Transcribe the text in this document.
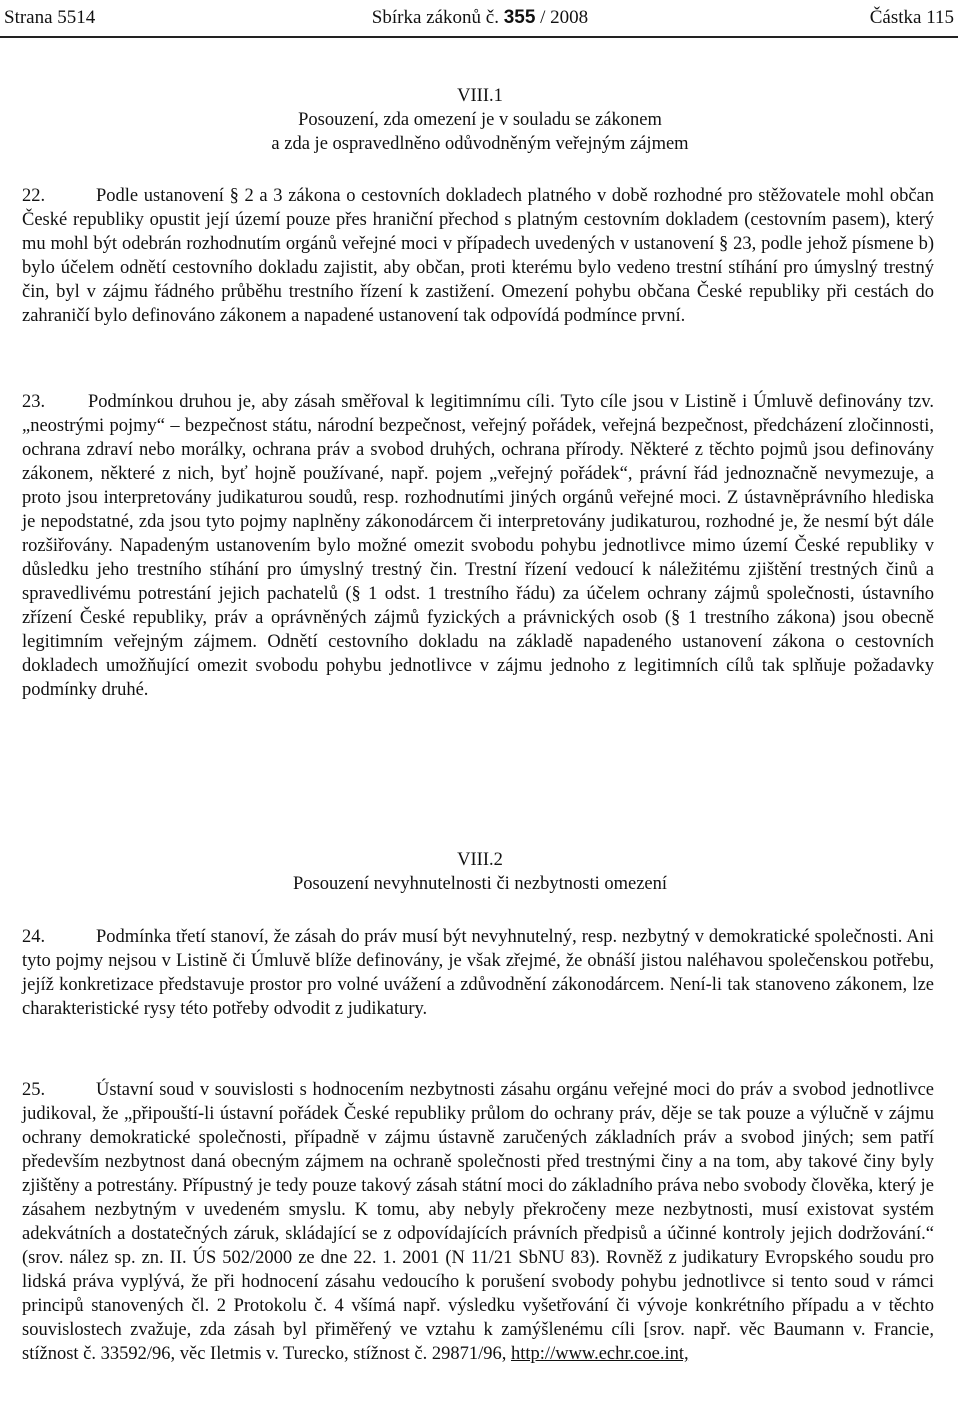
Strana 5514	Sbírka zákonů č. 355 / 2008	Částka 115
VIII.1
Posouzení, zda omezení je v souladu se zákonem
a zda je ospravedlněno odůvodněným veřejným zájmem
22.	Podle ustanovení § 2 a 3 zákona o cestovních dokladech platného v době rozhodné pro stěžovatele mohl občan České republiky opustit její území pouze přes hraniční přechod s platným cestovním dokladem (cestovním pasem), který mu mohl být odebrán rozhodnutím orgánů veřejné moci v případech uvedených v ustanovení § 23, podle jehož písmene b) bylo účelem odnětí cestovního dokladu zajistit, aby občan, proti kterému bylo vedeno trestní stíhání pro úmyslný trestný čin, byl v zájmu řádného průběhu trestního řízení k zastižení. Omezení pohybu občana České republiky při cestách do zahraničí bylo definováno zákonem a napadené ustanovení tak odpovídá podmínce první.
23. Podmínkou druhou je, aby zásah směřoval k legitimnímu cíli. Tyto cíle jsou v Listině i Úmluvě definovány tzv. „neostrými pojmy“ – bezpečnost státu, národní bezpečnost, veřejný pořádek, veřejná bezpečnost, předcházení zločinnosti, ochrana zdraví nebo morálky, ochrana práv a svobod druhých, ochrana přírody. Některé z těchto pojmů jsou definovány zákonem, některé z nich, byť hojně používané, např. pojem „veřejný pořádek“, právní řád jednoznačně nevymezuje, a proto jsou interpretovány judikaturou soudů, resp. rozhodnutími jiných orgánů veřejné moci. Z ústavněprávního hlediska je nepodstatné, zda jsou tyto pojmy naplněny zákonodárcem či interpretovány judikaturou, rozhodné je, že nesmí být dále rozšiřovány. Napadeným ustanovením bylo možné omezit svobodu pohybu jednotlivce mimo území České republiky v důsledku jeho trestního stíhání pro úmyslný trestný čin. Trestní řízení vedoucí k náležitému zjištění trestných činů a spravedlivému potrestání jejich pachatelů (§ 1 odst. 1 trestního řádu) za účelem ochrany zájmů společnosti, ústavního zřízení České republiky, práv a oprávněných zájmů fyzických a právnických osob (§ 1 trestního zákona) jsou obecně legitimním veřejným zájmem. Odnětí cestovního dokladu na základě napadeného ustanovení zákona o cestovních dokladech umožňující omezit svobodu pohybu jednotlivce v zájmu jednoho z legitimních cílů tak splňuje požadavky podmínky druhé.
VIII.2
Posouzení nevyhnutelnosti či nezbytnosti omezení
24.	Podmínka třetí stanoví, že zásah do práv musí být nevyhnutelný, resp. nezbytný v demokratické společnosti. Ani tyto pojmy nejsou v Listině či Úmluvě blíže definovány, je však zřejmé, že obnáší jistou naléhavou společenskou potřebu, jejíž konkretizace představuje prostor pro volné uvážení a zdůvodnění zákonodárcem. Není-li tak stanoveno zákonem, lze charakteristické rysy této potřeby odvodit z judikatury.
25.	Ústavní soud v souvislosti s hodnocením nezbytnosti zásahu orgánu veřejné moci do práv a svobod jednotlivce judikoval, že „připouští-li ústavní pořádek České republiky průlom do ochrany práv, děje se tak pouze a výlučně v zájmu ochrany demokratické společnosti, případně v zájmu ústavně zaručených základních práv a svobod jiných; sem patří především nezbytnost daná obecným zájmem na ochraně společnosti před trestnými činy a na tom, aby takové činy byly zjištěny a potrestány. Přípustný je tedy pouze takový zásah státní moci do základního práva nebo svobody člověka, který je zásahem nezbytným v uvedeném smyslu. K tomu, aby nebyly překročeny meze nezbytnosti, musí existovat systém adekvátních a dostatečných záruk, skládající se z odpovídajících právních předpisů a účinné kontroly jejich dodržování.“ (srov. nález sp. zn. II. ÚS 502/2000 ze dne 22. 1. 2001 (N 11/21 SbNU 83). Rovněž z judikatury Evropského soudu pro lidská práva vyplývá, že při hodnocení zásahu vedoucího k porušení svobody pohybu jednotlivce si tento soud v rámci principů stanovených čl. 2 Protokolu č. 4 všímá např. výsledku vyšetřování či vývoje konkrétního případu a v těchto souvislostech zvažuje, zda zásah byl přiměřený ve vztahu k zamýšlenému cíli [srov. např. věc Baumann v. Francie, stížnost č. 33592/96, věc Iletmis v. Turecko, stížnost č. 29871/96, http://www.echr.coe.int,
